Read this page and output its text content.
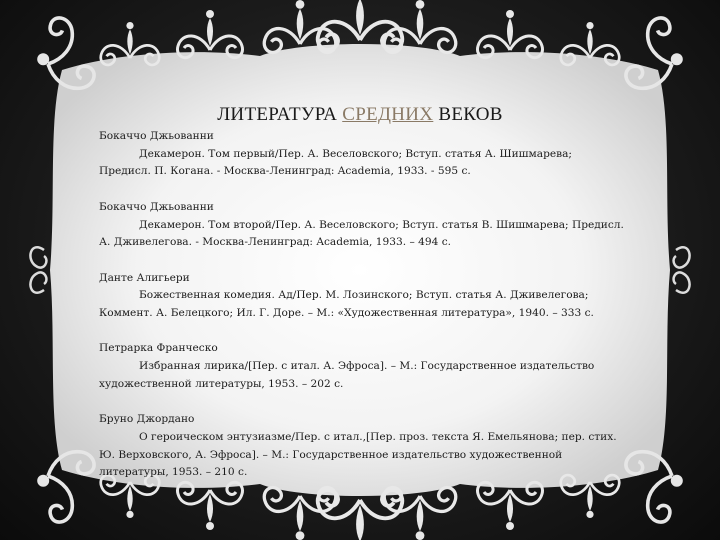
ЛИТЕРАТУРА СРЕДНИХ ВЕКОВ
Бокаччо Джьованни
Декамерон. Том первый/Пер. А. Веселовского; Вступ. статья А. Шишмарева; Предисл. П. Когана. - Москва-Ленинград: Academia, 1933. - 595 с.
Бокаччо Джьованни
Декамерон. Том второй/Пер. А. Веселовского; Вступ. статья В. Шишмарева; Предисл. А. Дживелегова. - Москва-Ленинград: Academia, 1933. – 494 с.
Данте Алигьери
Божественная комедия. Ад/Пер. М. Лозинского; Вступ. статья А. Дживелегова; Коммент. А. Белецкого; Ил. Г. Доре. – М.: «Художественная литература», 1940. – 333 с.
Петрарка Франческо
Избранная лирика/[Пер. с итал. А. Эфроса]. – М.: Государственное издательство художественной литературы, 1953. – 202 с.
Бруно Джордано
О героическом энтузиазме/Пер. с итал.,[Пер. проз. текста Я. Емельянова; пер. стих. Ю. Верховского, А. Эфроса]. – М.: Государственное издательство художественной литературы, 1953. – 210 с.
